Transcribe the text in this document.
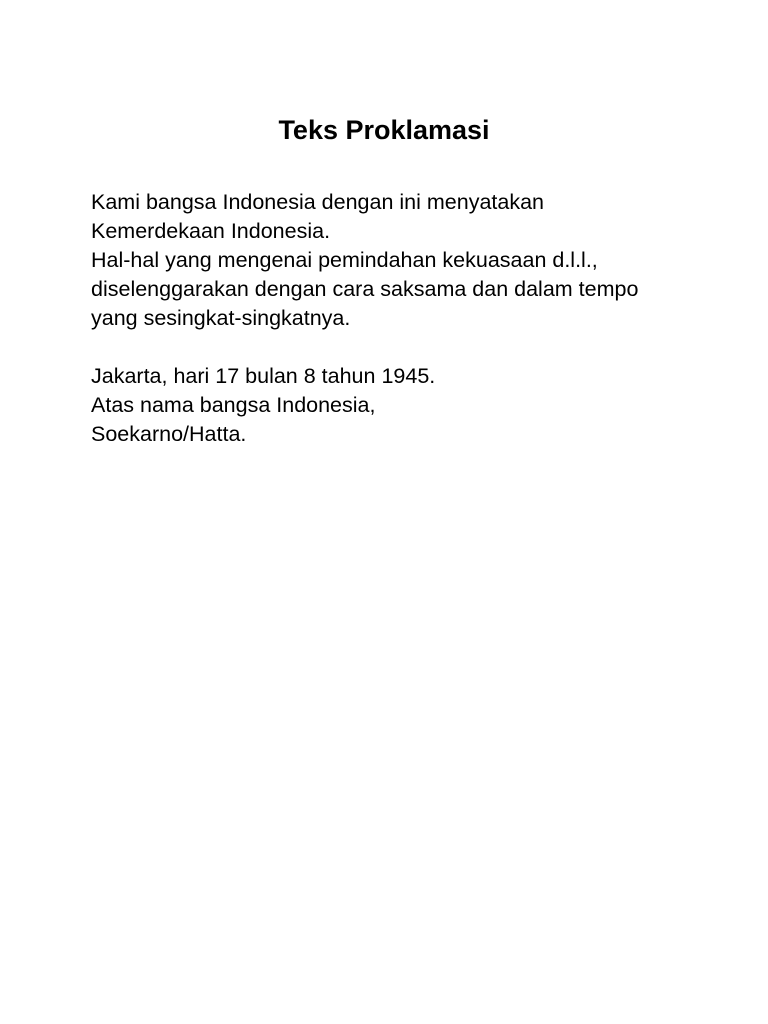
Teks Proklamasi
Kami bangsa Indonesia dengan ini menyatakan
Kemerdekaan Indonesia.
Hal-hal yang mengenai pemindahan kekuasaan d.l.l.,
diselenggarakan dengan cara saksama dan dalam tempo
yang sesingkat-singkatnya.
Jakarta, hari 17 bulan 8 tahun 1945.
Atas nama bangsa Indonesia,
Soekarno/Hatta.
